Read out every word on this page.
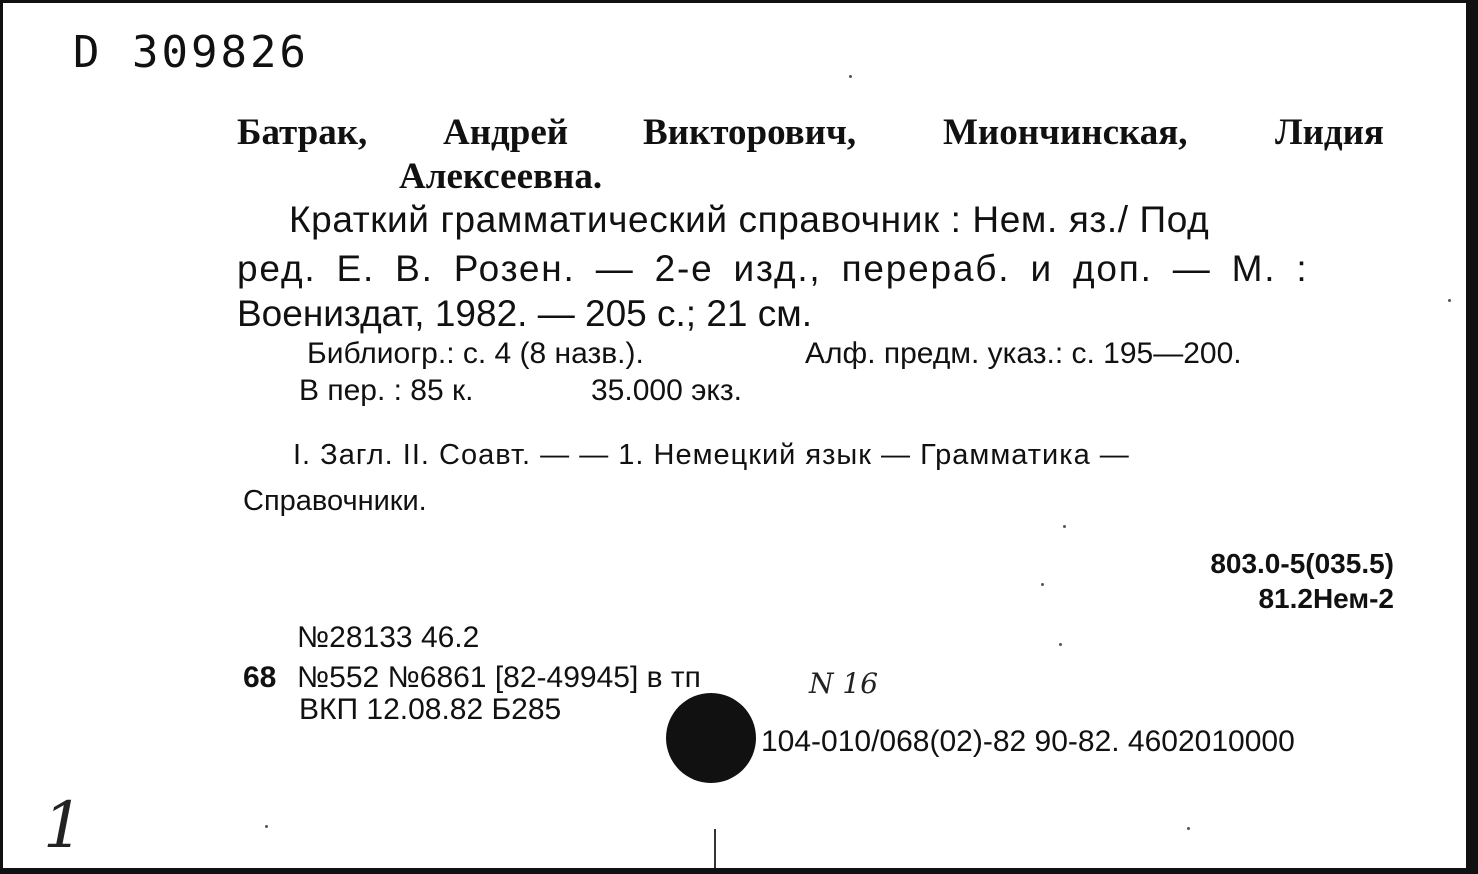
D 309826
Батрак, Андрей Викторович, Миончинская, Лидия
Алексеевна.
Краткий грамматический справочник : Нем. яз./ Под
ред. Е. В. Розен. — 2-е изд., перераб. и доп. — М. :
Воениздат, 1982. — 205 с.; 21 см.
Библиогр.: с. 4 (8 назв.).	Алф. предм. указ.: с. 195—200.
В пер. : 85 к.	35.000 экз.
I. Загл. II. Соавт. — — 1. Немецкий язык — Грамматика —
Справочники.
803.0-5(035.5)
81.2Нем-2
№28133 46.2
68 №552 №6861 [82-49945] в тп
ВКП 12.08.82 Б285
104-010/068(02)-82 90-82. 4602010000
N 16
1
